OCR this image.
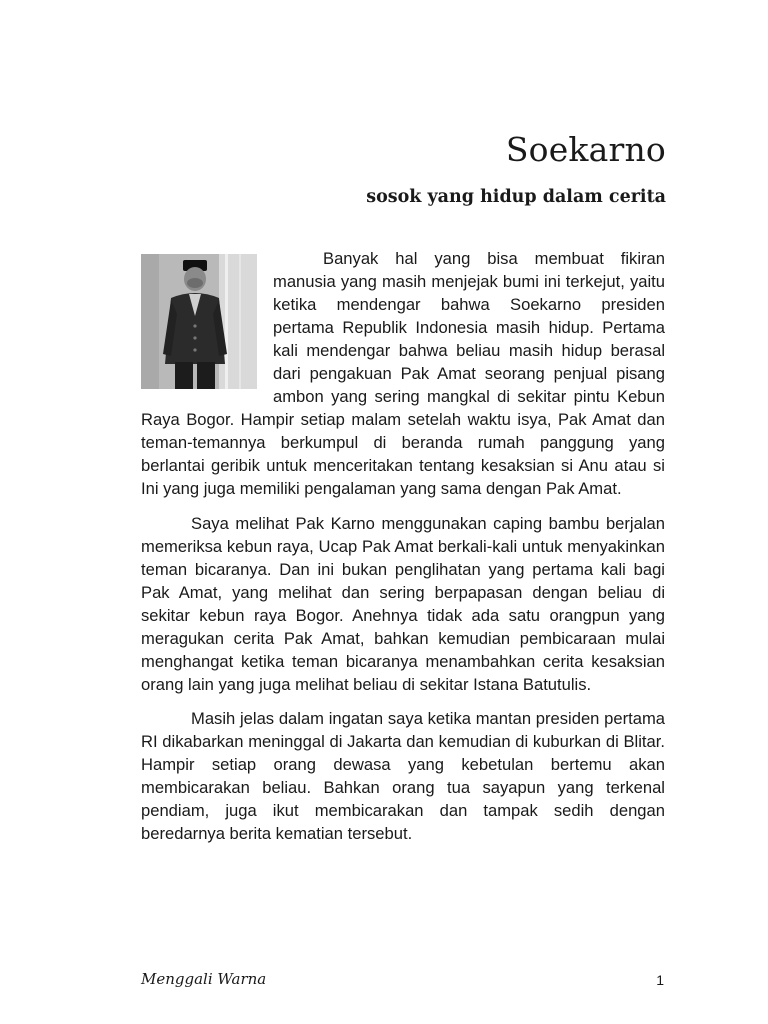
Soekarno
sosok yang hidup dalam cerita

Banyak hal yang bisa membuat fikiran manusia yang masih menjejak bumi ini terkejut, yaitu ketika mendengar bahwa Soekarno presiden pertama Republik Indonesia masih hidup. Pertama kali mendengar bahwa beliau masih hidup berasal dari pengakuan Pak Amat seorang penjual pisang ambon yang sering mangkal di sekitar pintu Kebun Raya Bogor. Hampir setiap malam setelah waktu isya, Pak Amat dan teman-temannya berkumpul di beranda rumah panggung yang berlantai geribik untuk menceritakan tentang kesaksian si Anu atau si Ini yang juga memiliki pengalaman yang sama dengan Pak Amat.

Saya melihat Pak Karno menggunakan caping bambu berjalan memeriksa kebun raya, Ucap Pak Amat berkali-kali untuk menyakinkan teman bicaranya. Dan ini bukan penglihatan yang pertama kali bagi Pak Amat, yang melihat dan sering berpapasan dengan beliau di sekitar kebun raya Bogor. Anehnya tidak ada satu orangpun yang meragukan cerita Pak Amat, bahkan kemudian pembicaraan mulai menghangat ketika teman bicaranya menambahkan cerita kesaksian orang lain yang juga melihat beliau di sekitar Istana Batutulis.

Masih jelas dalam ingatan saya ketika mantan presiden pertama RI dikabarkan meninggal di Jakarta dan kemudian di kuburkan di Blitar. Hampir setiap orang dewasa yang kebetulan bertemu akan membicarakan beliau. Bahkan orang tua sayapun yang terkenal pendiam, juga ikut membicarakan dan tampak sedih dengan beredarnya berita kematian tersebut.

Menggali Warna	1
